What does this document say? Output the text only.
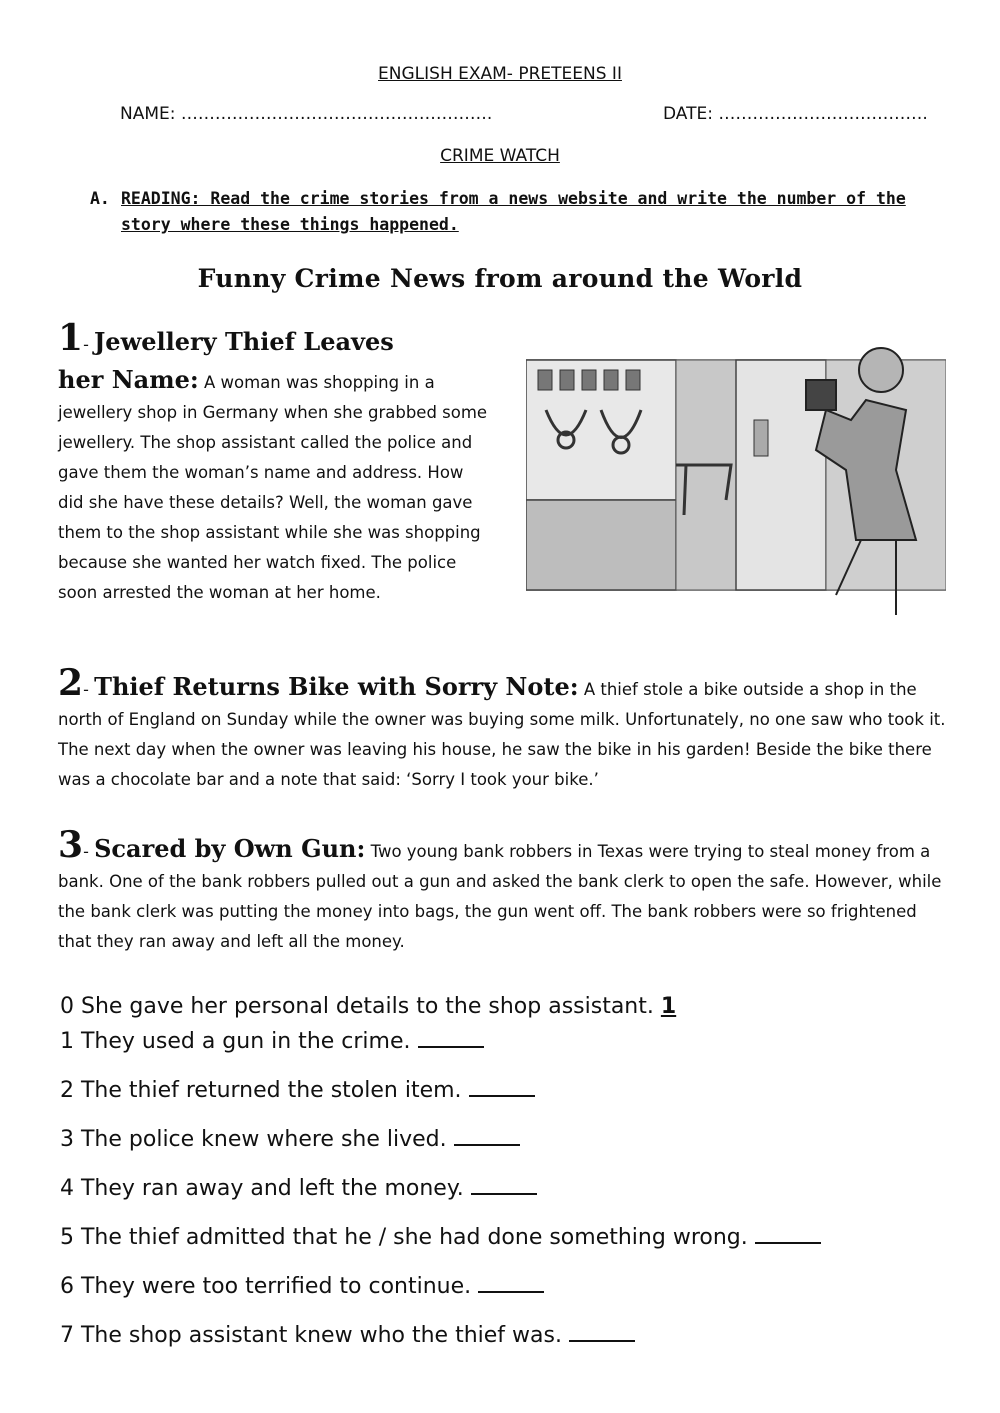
ENGLISH EXAM- PRETEENS II
NAME: ……………………………………………….	DATE: ……………………………….
CRIME WATCH
A. READING: Read the crime stories from a news website and write the number of the story where these things happened.
Funny Crime News from around the World
1- Jewellery Thief Leaves

her Name: A woman was shopping in a jewellery shop in Germany when she grabbed some jewellery. The shop assistant called the police and gave them the woman’s name and address. How did she have these details? Well, the woman gave them to the shop assistant while she was shopping because she wanted her watch fixed. The police soon arrested the woman at her home.

2- Thief Returns Bike with Sorry Note: A thief stole a bike outside a shop in the north of England on Sunday while the owner was buying some milk. Unfortunately, no one saw who took it. The next day when the owner was leaving his house, he saw the bike in his garden! Beside the bike there was a chocolate bar and a note that said: ‘Sorry I took your bike.’
3- Scared by Own Gun: Two young bank robbers in Texas were trying to steal money from a bank. One of the bank robbers pulled out a gun and asked the bank clerk to open the safe. However, while the bank clerk was putting the money into bags, the gun went off. The bank robbers were so frightened that they ran away and left all the money.
0 She gave her personal details to the shop assistant. 1
1 They used a gun in the crime.
2 The thief returned the stolen item.
3 The police knew where she lived.
4 They ran away and left the money.
5 The thief admitted that he / she had done something wrong.
6 They were too terrified to continue.
7 The shop assistant knew who the thief was.
